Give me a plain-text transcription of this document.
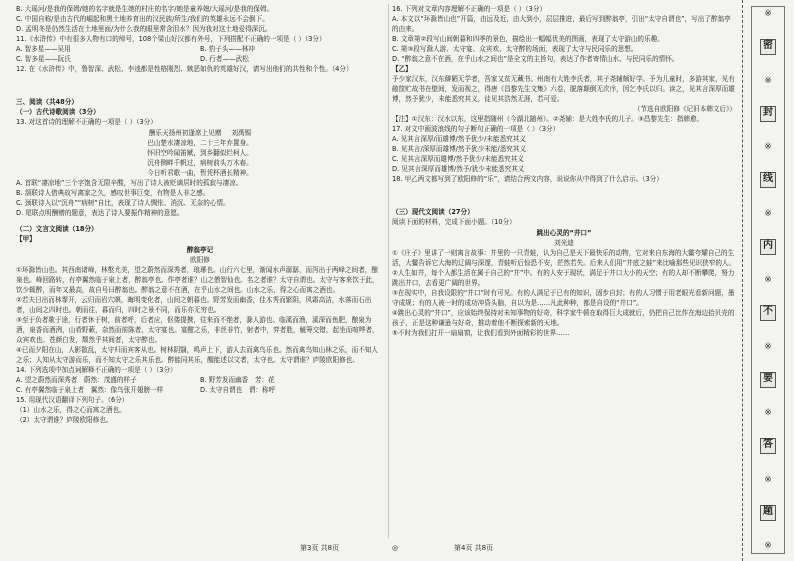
B. 大瑶河/是我的保姆/她的名字就是生她的村庄的名字/她是童养媳/大瑶河/是我的保姆。

C. 中国自称/是由古代的崛起和黑土地养育出的汉民族/所生/我们的英雄永远不会倒下。

D. 孟明冬是仍然生活在土地里面/为什么我的眼里常含泪水？因为我对这土地爱得深沉。

11.《水浒传》中有很多人物有口的绰号，108个梁山好汉都有外号，下列搭配不正确的一项是（ ）（3分）

A. 智多星——吴用	B. 豹子头——林冲
C. 智多星——阮氏	D. 行者——武松

12. 在《水浒传》中，鲁智深、武松、李逵都是性格刚烈、嫉恶如仇的英雄好汉，请写出他们的共性和个性。（4分）

三、阅读（共48分）

（一）古代诗歌阅读（3分）

13. 对这首诗的理解不正确的一项是（ ）（3分）

酬乐天扬州初逢席上见赠 刘禹锡

巴山楚水凄凉地，二十三年弃置身。

怀旧空吟闻笛赋，到乡翻似烂柯人。

沉舟侧畔千帆过，病树前头万木春。

今日听君歌一曲，暂凭杯酒长精神。

A. 首联“凄凉地”三个字饱含无限辛酸，写出了诗人被贬谪居时的孤寂与凄凉。

B. 颔联诗人借典故写离家之久，感叹世事巨变，有物是人非之感。

C. 颈联诗人以“沉舟”“病树”自比，表现了诗人惆怅、消沉、无奈的心情。

D. 尾联点明酬赠的题意，表达了诗人要振作精神的意愿。

（二）文言文阅读（18分）

【甲】

醉翁亭记

欧阳修

①环滁皆山也。其西南诸峰，林壑尤美，望之蔚然而深秀者，琅琊也。山行六七里，渐闻水声潺潺，而泻出于两峰之间者，酿泉也。峰回路转，有亭翼然临于泉上者，醉翁亭也。作亭者谁？山之僧智仙也。名之者谁？太守自谓也。太守与客来饮于此，饮少辄醉，而年又最高，故自号曰醉翁也。醉翁之意不在酒，在乎山水之间也。山水之乐，得之心而寓之酒也。

②若夫日出而林霏开，云归而岩穴暝，晦明变化者，山间之朝暮也。野芳发而幽香，佳木秀而繁阴，风霜高洁，水落而石出者，山间之四时也。朝而往，暮而归，四时之景不同，而乐亦无穷也。

③至于负者歌于途，行者休于树，前者呼，后者应，伛偻提携，往来而不绝者，滁人游也。临溪而渔，溪深而鱼肥，酿泉为酒，泉香而酒洌，山肴野蔌，杂然而前陈者，太守宴也。宴酣之乐，非丝非竹，射者中，弈者胜，觥筹交错，起坐而喧哗者，众宾欢也。苍颜白发，颓然乎其间者，太守醉也。

④已而夕阳在山，人影散乱，太守归而宾客从也。树林阴翳，鸣声上下，游人去而禽鸟乐也。然而禽鸟知山林之乐，而不知人之乐；人知从太守游而乐，而不知太守之乐其乐也。醉能同其乐，醒能述以文者，太守也。太守谓谁？庐陵欧阳修也。

14. 下列选项中加点词解释不正确的一项是（ ）（3分）

A. 望之蔚然而深秀者　蔚然：茂盛的样子	B. 野芳发而幽香　芳：花
C. 有亭翼然临于泉上者　翼然：像鸟张开翅膀一样	D. 太守自谓也　谓：称呼

15. 用现代汉语翻译下列句子。（6分）

（1）山水之乐，得之心而寓之酒也。

（2）太守谓谁？庐陵欧阳修也。

16. 下列对文章内容理解不正确的一项是（ ）（3分）

A. 本文以“环滁皆山也”开篇，由远及近，由大到小，层层推进，最后写到醉翁亭，引出“太守自谓也”，写出了醉翁亭的由来。

B. 文章第②段写山间朝暮和四季的景色，描绘出一幅幅优美的图画，表现了太守游山的乐趣。

C. 第③段写滁人游、太守宴、众宾欢、太守醉的场面，表现了太守与民同乐的思想。

D. “醉翁之意不在酒，在乎山水之间也”是全文的主旨句，表达了作者寄情山水、与民同乐的情怀。

【乙】

予少家汉东，汉东僻陋无学者，吾家又贫无藏书。州南有大姓李氏者，其子尧辅颇好学。予为儿童时，多游其家，见有敝筐贮故书在壁间，发而视之，得唐《昌黎先生文集》六卷，脱落颠倒无次序，因乞李氏以归。读之，见其言深厚而雄博，然予犹少，未能悉究其义，徒见其浩然无涯，若可爱。

（节选自欧阳修《记旧本韩文后》）

【注】①汉东：汉水以东，这里指随州（今湖北随州）。②尧辅：是大姓李氏的儿子。③昌黎先生：指韩愈。

17. 对文中画波浪线的句子断句正确的一项是（ ）（3分）

A. 见其言深厚/而雄博/然予犹少/未能悉究其义

B. 见其言/深厚而雄博/然予犹少未能/悉究其义

C. 见其言深厚而雄博/然予犹少/未能悉究其义

D. 见其言深厚而雄博/然予/犹少未能悉究其义

18. 甲乙两文都写到了欧阳修的“乐”，请结合两文内容，说说你从中得到了什么启示。（3分）

（三）现代文阅读（27分）

阅读下面的材料，完成下面小题。（10分）

跳出心灵的“井口”

刘光迪

①《庄子》里讲了一则寓言故事：井里的一只青蛙，认为自己是天下最快乐的动物，它对来自东海的大鳖夸耀自己的生活，大鳖告诉它大海的辽阔与深邃，青蛙听后惊恐不安，茫然若失。后来人们用“井底之蛙”来比喻那些见识狭窄的人。

②人生如井，每个人都生活在属于自己的“井”中。有的人安于现状，满足于井口大小的天空；有的人却不断攀爬，努力跳出井口，去看更广阔的世界。

③在现实中，自我设限的“井口”时有可见。有的人满足于已有的知识，固步自封；有的人习惯于用老眼光看新问题，墨守成规；有的人被一时的成功冲昏头脑，自以为是……凡此种种，都是自设的“井口”。

④跳出心灵的“井口”，应该始终保持对未知事物的好奇，科学家牛顿在取得巨大成就后，仍把自己比作在海边拾贝壳的孩子，正是这种谦逊与好奇，推动着他不断探索新的天地。

⑤不时为我们打开一扇扇窗，让我们看到外面精彩的世界……

※
密
※
封
※
线
※
内
※
不
※
要
※
答
※
题
※
第3页 共8页	◎	第4页 共8页
